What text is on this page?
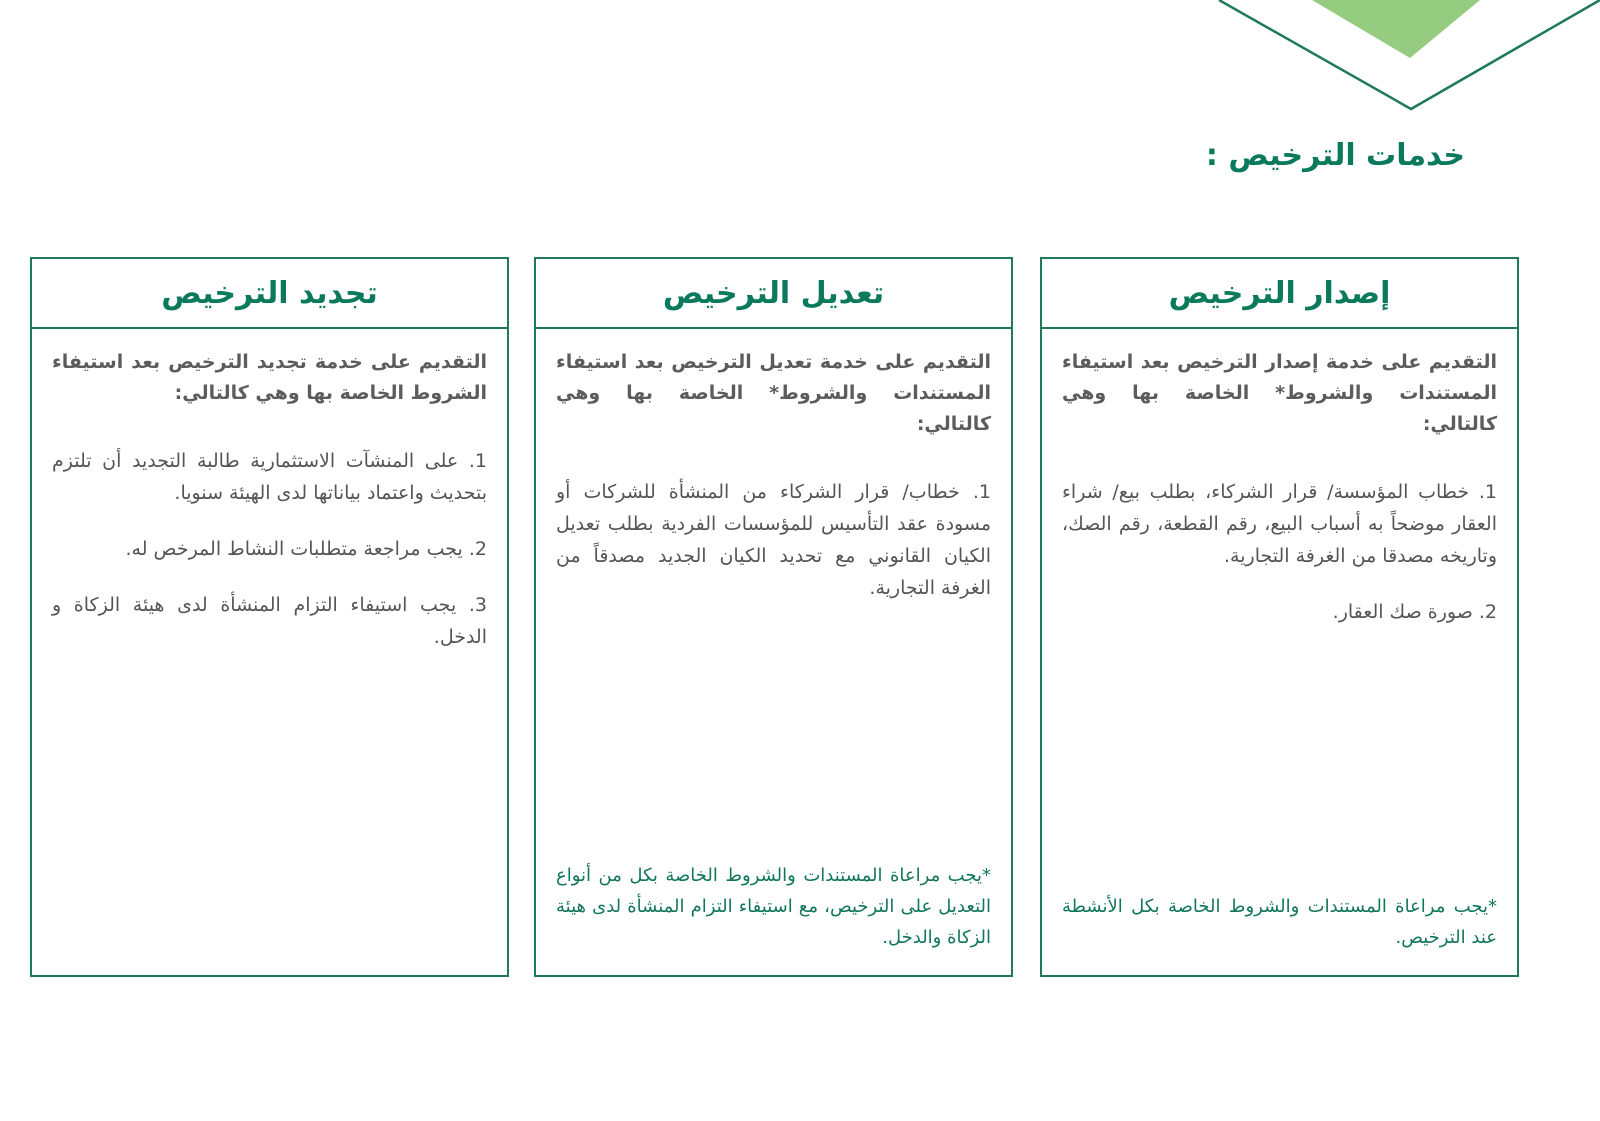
خدمات الترخيص :
إصدار الترخيص

التقديم على خدمة إصدار الترخيص بعد استيفاء المستندات والشروط* الخاصة بها وهي كالتالي:

1. خطاب المؤسسة/ قرار الشركاء، بطلب بيع/ شراء العقار موضحاً به أسباب البيع، رقم القطعة، رقم الصك، وتاريخه مصدقا من الغرفة التجارية.
2. صورة صك العقار.

*يجب مراعاة المستندات والشروط الخاصة بكل الأنشطة عند الترخيص.

تعديل الترخيص

التقديم على خدمة تعديل الترخيص بعد استيفاء المستندات والشروط* الخاصة بها وهي كالتالي:

1. خطاب/ قرار الشركاء من المنشأة للشركات أو مسودة عقد التأسيس للمؤسسات الفردية بطلب تعديل الكيان القانوني مع تحديد الكيان الجديد مصدقاً من الغرفة التجارية.

*يجب مراعاة المستندات والشروط الخاصة بكل من أنواع التعديل على الترخيص، مع استيفاء التزام المنشأة لدى هيئة الزكاة والدخل.

تجديد الترخيص

التقديم على خدمة تجديد الترخيص بعد استيفاء الشروط الخاصة بها وهي كالتالي:

1. على المنشآت الاستثمارية طالبة التجديد أن تلتزم بتحديث واعتماد بياناتها لدى الهيئة سنويا.
2. يجب مراجعة متطلبات النشاط المرخص له.
3. يجب استيفاء التزام المنشأة لدى هيئة الزكاة و الدخل.
